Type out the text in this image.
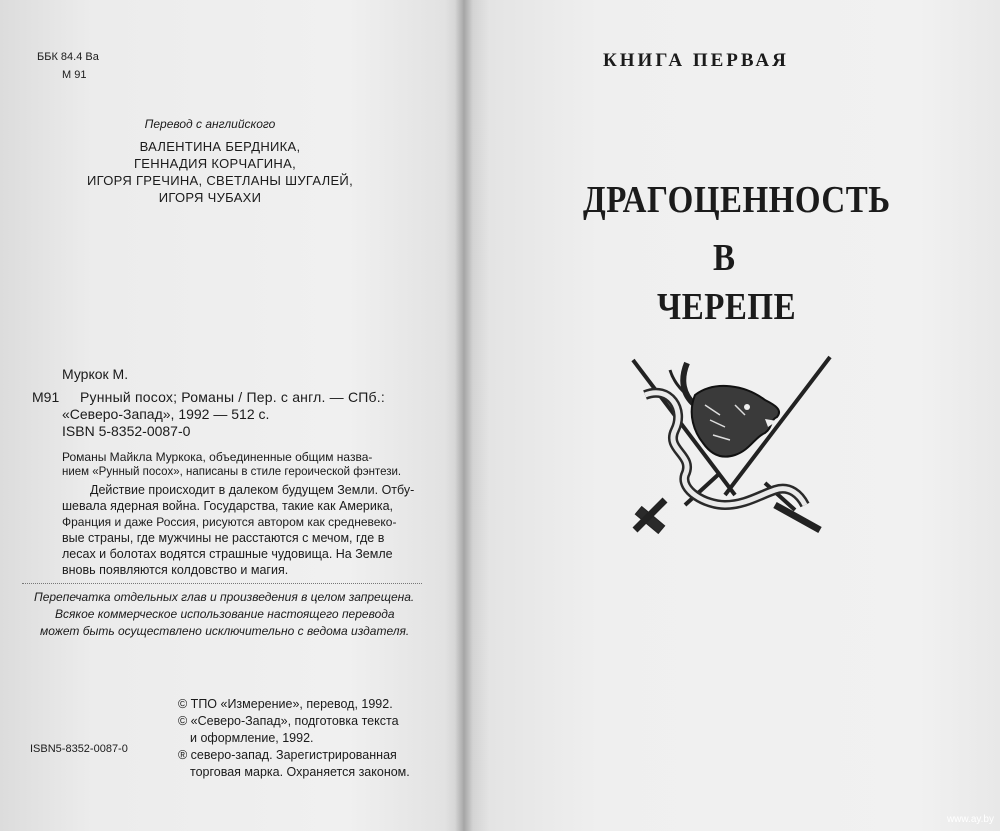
ББК 84.4 Ва
М 91
Перевод с английского
ВАЛЕНТИНА БЕРДНИКА,
ГЕННАДИЯ КОРЧАГИНА,
ИГОРЯ ГРЕЧИНА, СВЕТЛАНЫ ШУГАЛЕЙ,
ИГОРЯ ЧУБАХИ
Муркок М.
М91 Рунный посох; Романы / Пер. с англ. — СПб.:
«Северо-Запад», 1992 — 512 с.
ISBN 5-8352-0087-0
Романы Майкла Муркока, объединенные общим назва-
нием «Рунный посох», написаны в стиле героической фэнтези.
Действие происходит в далеком будущем Земли. Отбу-
шевала ядерная война. Государства, такие как Америка,
Франция и даже Россия, рисуются автором как средневеко-
вые страны, где мужчины не расстаются с мечом, где в
лесах и болотах водятся страшные чудовища. На Земле
вновь появляются колдовство и магия.
Перепечатка отдельных глав и произведения в целом запрещена.
Всякое коммерческое использование настоящего перевода
может быть осуществлено исключительно с ведома издателя.
© ТПО «Измерение», перевод, 1992.
© «Северо-Запад», подготовка текста
и оформление, 1992.
ISBN5-8352-0087-0	® северо-запад. Зарегистрированная
торговая марка. Охраняется законом.
КНИГА ПЕРВАЯ
ДРАГОЦЕННОСТЬ
В
ЧЕРЕПЕ
www.ay.by
